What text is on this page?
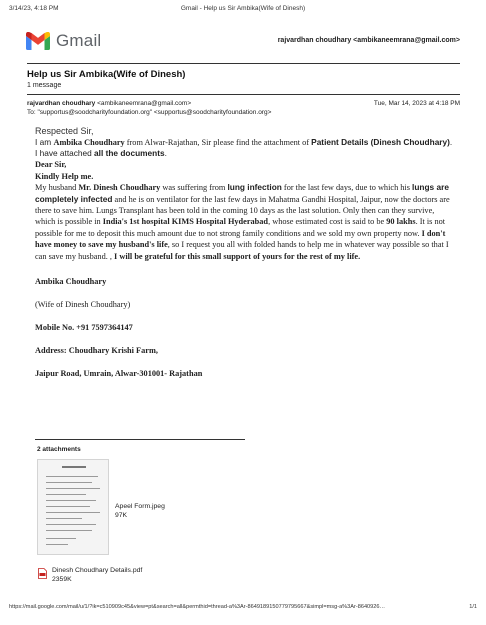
3/14/23, 4:18 PM	Gmail - Help us Sir Ambika(Wife of Dinesh)
Gmail	rajvardhan choudhary <ambikaneemrana@gmail.com>
Help us Sir Ambika(Wife of Dinesh)
1 message
rajvardhan choudhary <ambikaneemrana@gmail.com>	Tue, Mar 14, 2023 at 4:18 PM
To: "supportus@soodcharityfoundation.org" <supportus@soodcharityfoundation.org>
Respected Sir,
I am Ambika Choudhary from Alwar-Rajathan, Sir please find the attachment of Patient Details (Dinesh Choudhary). I have attached all the documents.
Dear Sir,
Kindly Help me.
My husband Mr. Dinesh Choudhary was suffering from lung infection for the last few days, due to which his lungs are completely infected and he is on ventilator for the last few days in Mahatma Gandhi Hospital, Jaipur, now the doctors are there to save him. Lungs Transplant has been told in the coming 10 days as the last solution. Only then can they survive, which is possible in India's 1st hospital KIMS Hospital Hyderabad, whose estimated cost is said to be 90 lakhs. It is not possible for me to deposit this much amount due to not strong family conditions and we sold my own property now. I don't have money to save my husband's life, so I request you all with folded hands to help me in whatever way possible so that I can save my husband. , I will be grateful for this small support of yours for the rest of my life.
Ambika Choudhary
(Wife of Dinesh Choudhary)
Mobile No. +91 7597364147
Address: Choudhary Krishi Farm,
Jaipur Road, Umrain, Alwar-301001- Rajathan
2 attachments
Apeel Form.jpeg
97K
Dinesh Choudhary Details.pdf
2359K
https://mail.google.com/mail/u/1/?ik=c510909c45&view=pt&search=all&permthid=thread-a%3Ar-8649189150779795667&simpl=msg-a%3Ar-8640926…	1/1
